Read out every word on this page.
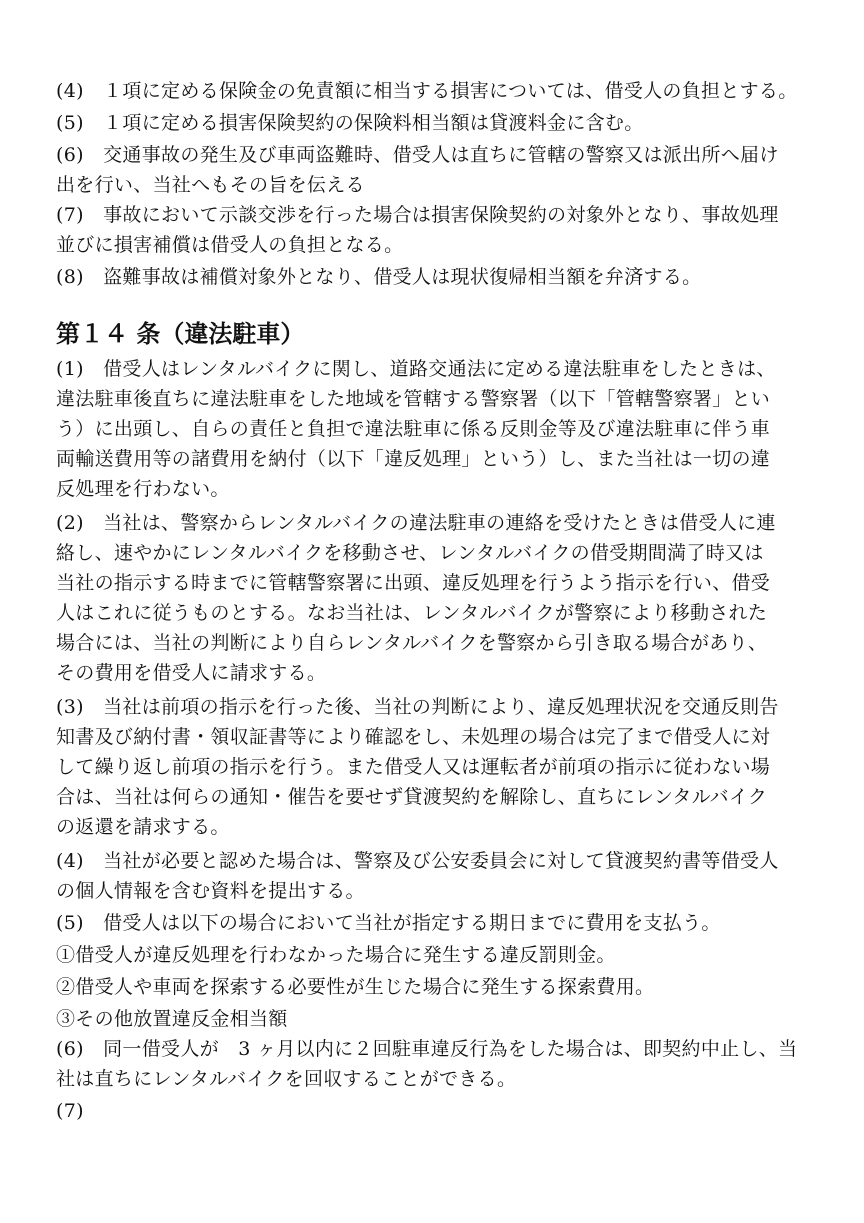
(4)　１項に定める保険金の免責額に相当する損害については、借受人の負担とする。
(5)　１項に定める損害保険契約の保険料相当額は貸渡料金に含む。
(6)　交通事故の発生及び車両盗難時、借受人は直ちに管轄の警察又は派出所へ届け
出を行い、当社へもその旨を伝える
(7)　事故において示談交渉を行った場合は損害保険契約の対象外となり、事故処理
並びに損害補償は借受人の負担となる。
(8)　盗難事故は補償対象外となり、借受人は現状復帰相当額を弁済する。
第１４ 条（違法駐車）
(1)　借受人はレンタルバイクに関し、道路交通法に定める違法駐車をしたときは、
違法駐車後直ちに違法駐車をした地域を管轄する警察署（以下「管轄警察署」とい
う）に出頭し、自らの責任と負担で違法駐車に係る反則金等及び違法駐車に伴う車
両輸送費用等の諸費用を納付（以下「違反処理」という）し、また当社は一切の違
反処理を行わない。
(2)　当社は、警察からレンタルバイクの違法駐車の連絡を受けたときは借受人に連
絡し、速やかにレンタルバイクを移動させ、レンタルバイクの借受期間満了時又は
当社の指示する時までに管轄警察署に出頭、違反処理を行うよう指示を行い、借受
人はこれに従うものとする。なお当社は、レンタルバイクが警察により移動された
場合には、当社の判断により自らレンタルバイクを警察から引き取る場合があり、
その費用を借受人に請求する。
(3)　当社は前項の指示を行った後、当社の判断により、違反処理状況を交通反則告
知書及び納付書・領収証書等により確認をし、未処理の場合は完了まで借受人に対
して繰り返し前項の指示を行う。また借受人又は運転者が前項の指示に従わない場
合は、当社は何らの通知・催告を要せず貸渡契約を解除し、直ちにレンタルバイク
の返還を請求する。
(4)　当社が必要と認めた場合は、警察及び公安委員会に対して貸渡契約書等借受人
の個人情報を含む資料を提出する。
(5)　借受人は以下の場合において当社が指定する期日までに費用を支払う。
①借受人が違反処理を行わなかった場合に発生する違反罰則金。
②借受人や車両を探索する必要性が生じた場合に発生する探索費用。
③その他放置違反金相当額
(6)　同一借受人が　3 ヶ月以内に２回駐車違反行為をした場合は、即契約中止し、当
社は直ちにレンタルバイクを回収することができる。
(7)
